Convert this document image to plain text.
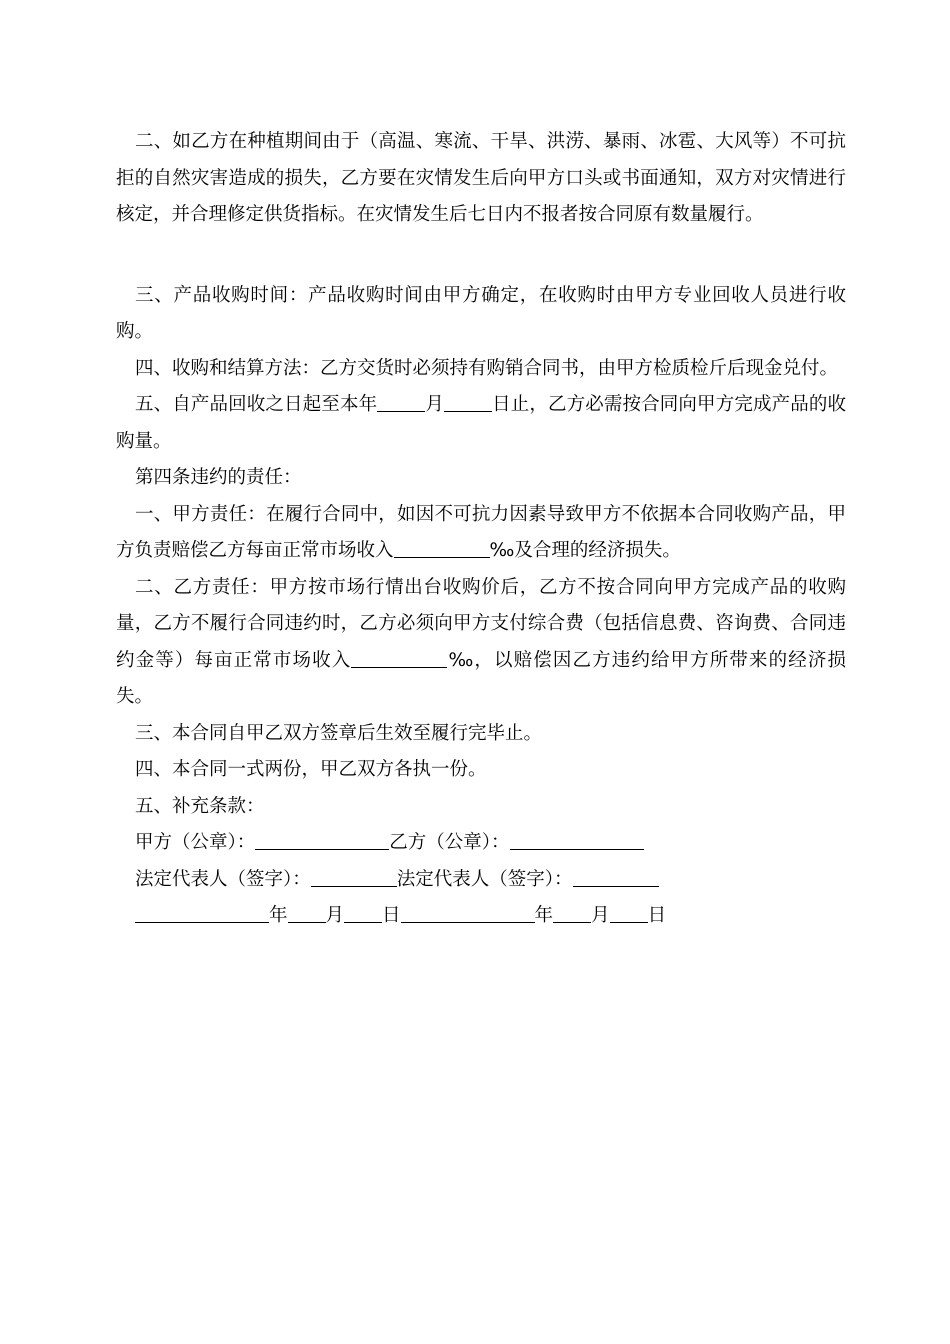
二、如乙方在种植期间由于（高温、寒流、干旱、洪涝、暴雨、冰雹、大风等）不可抗拒的自然灾害造成的损失，乙方要在灾情发生后向甲方口头或书面通知，双方对灾情进行核定，并合理修定供货指标。在灾情发生后七日内不报者按合同原有数量履行。

三、产品收购时间：产品收购时间由甲方确定，在收购时由甲方专业回收人员进行收购。

四、收购和结算方法：乙方交货时必须持有购销合同书，由甲方检质检斤后现金兑付。

五、自产品回收之日起至本年	月	日止，乙方必需按合同向甲方完成产品的收购量。

第四条违约的责任：

一、甲方责任：在履行合同中，如因不可抗力因素导致甲方不依据本合同收购产品，甲方负责赔偿乙方每亩正常市场收入	‰及合理的经济损失。

二、乙方责任：甲方按市场行情出台收购价后，乙方不按合同向甲方完成产品的收购量，乙方不履行合同违约时，乙方必须向甲方支付综合费（包括信息费、咨询费、合同违约金等）每亩正常市场收入	‰，以赔偿因乙方违约给甲方所带来的经济损失。

三、本合同自甲乙双方签章后生效至履行完毕止。

四、本合同一式两份，甲乙双方各执一份。

五、补充条款：

甲方（公章）：	乙方（公章）：

法定代表人（签字）：	法定代表人（签字）：

年 月 日	年 月 日
